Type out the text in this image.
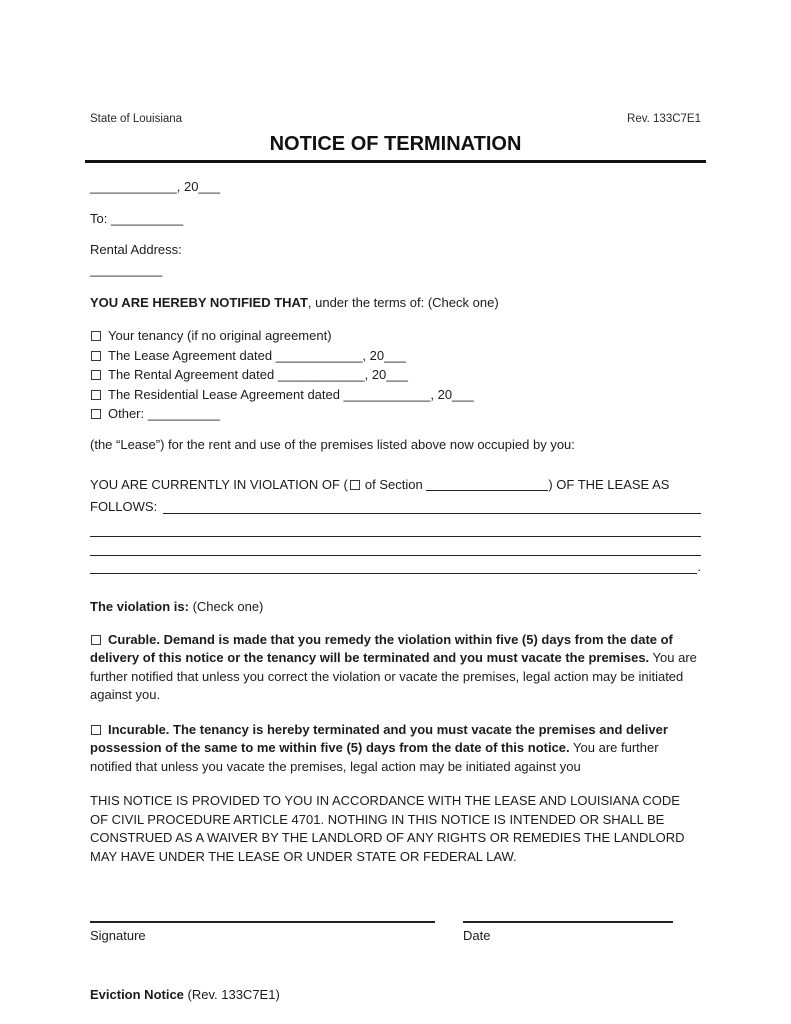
State of Louisiana	Rev. 133C7E1
NOTICE OF TERMINATION
____________, 20___
To: __________
Rental Address:
__________
YOU ARE HEREBY NOTIFIED THAT, under the terms of: (Check one)
Your tenancy (if no original agreement)
The Lease Agreement dated ____________, 20___
The Rental Agreement dated ____________, 20___
The Residential Lease Agreement dated ____________, 20___
Other: __________
(the “Lease”) for the rent and use of the premises listed above now occupied by you:
YOU ARE CURRENTLY IN VIOLATION OF ( of Section	) OF THE LEASE AS
FOLLOWS:
.
The violation is: (Check one)
Curable. Demand is made that you remedy the violation within five (5) days from the date of delivery of this notice or the tenancy will be terminated and you must vacate the premises. You are further notified that unless you correct the violation or vacate the premises, legal action may be initiated against you.
Incurable. The tenancy is hereby terminated and you must vacate the premises and deliver possession of the same to me within five (5) days from the date of this notice. You are further notified that unless you vacate the premises, legal action may be initiated against you
THIS NOTICE IS PROVIDED TO YOU IN ACCORDANCE WITH THE LEASE AND LOUISIANA CODE OF CIVIL PROCEDURE ARTICLE 4701. NOTHING IN THIS NOTICE IS INTENDED OR SHALL BE CONSTRUED AS A WAIVER BY THE LANDLORD OF ANY RIGHTS OR REMEDIES THE LANDLORD MAY HAVE UNDER THE LEASE OR UNDER STATE OR FEDERAL LAW.
Signature	Date
Eviction Notice (Rev. 133C7E1)
